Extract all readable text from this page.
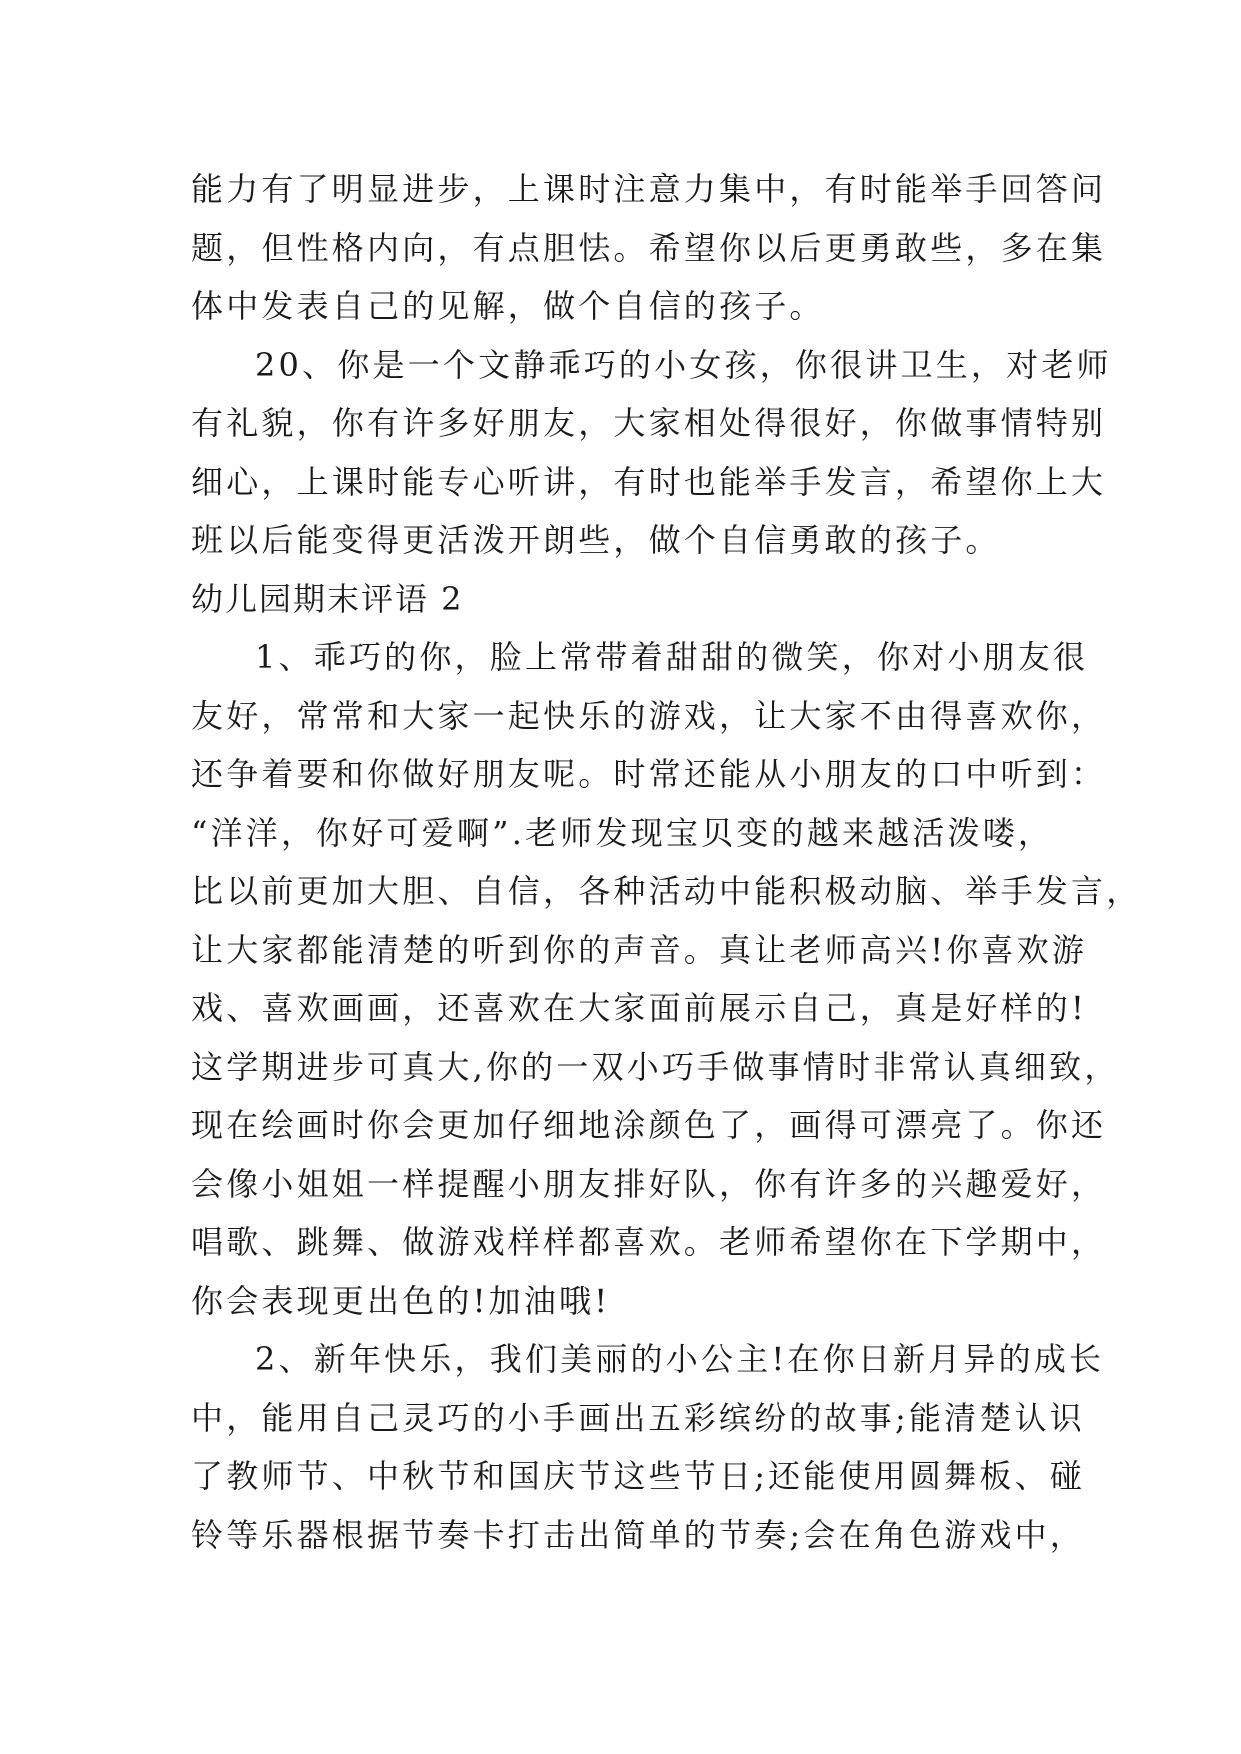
能力有了明显进步，上课时注意力集中，有时能举手回答问
题，但性格内向，有点胆怯。希望你以后更勇敢些，多在集
体中发表自己的见解，做个自信的孩子。
20、你是一个文静乖巧的小女孩，你很讲卫生，对老师
有礼貌，你有许多好朋友，大家相处得很好，你做事情特别
细心，上课时能专心听讲，有时也能举手发言，希望你上大
班以后能变得更活泼开朗些，做个自信勇敢的孩子。
幼儿园期末评语 2
1、乖巧的你，脸上常带着甜甜的微笑，你对小朋友很
友好，常常和大家一起快乐的游戏，让大家不由得喜欢你，
还争着要和你做好朋友呢。时常还能从小朋友的口中听到：
“洋洋，你好可爱啊”.老师发现宝贝变的越来越活泼喽，
比以前更加大胆、自信，各种活动中能积极动脑、举手发言，
让大家都能清楚的听到你的声音。真让老师高兴!你喜欢游
戏、喜欢画画，还喜欢在大家面前展示自己，真是好样的!
这学期进步可真大,你的一双小巧手做事情时非常认真细致，
现在绘画时你会更加仔细地涂颜色了，画得可漂亮了。你还
会像小姐姐一样提醒小朋友排好队，你有许多的兴趣爱好，
唱歌、跳舞、做游戏样样都喜欢。老师希望你在下学期中，
你会表现更出色的!加油哦!
2、新年快乐，我们美丽的小公主!在你日新月异的成长
中，能用自己灵巧的小手画出五彩缤纷的故事;能清楚认识
了教师节、中秋节和国庆节这些节日;还能使用圆舞板、碰
铃等乐器根据节奏卡打击出简单的节奏;会在角色游戏中，
